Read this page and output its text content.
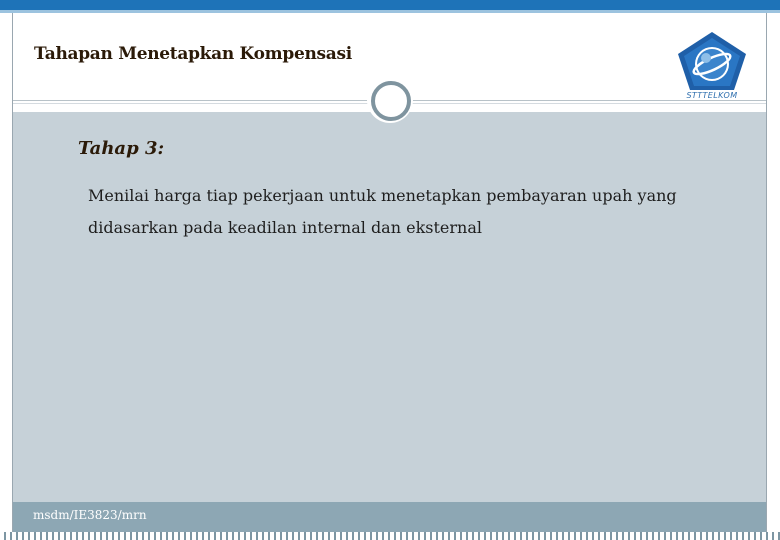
Tahapan Menetapkan Kompensasi
STTTELKOM
Tahap 3:
Menilai harga tiap pekerjaan untuk menetapkan pembayaran upah yang didasarkan pada keadilan internal dan eksternal
msdm/IE3823/mrn
